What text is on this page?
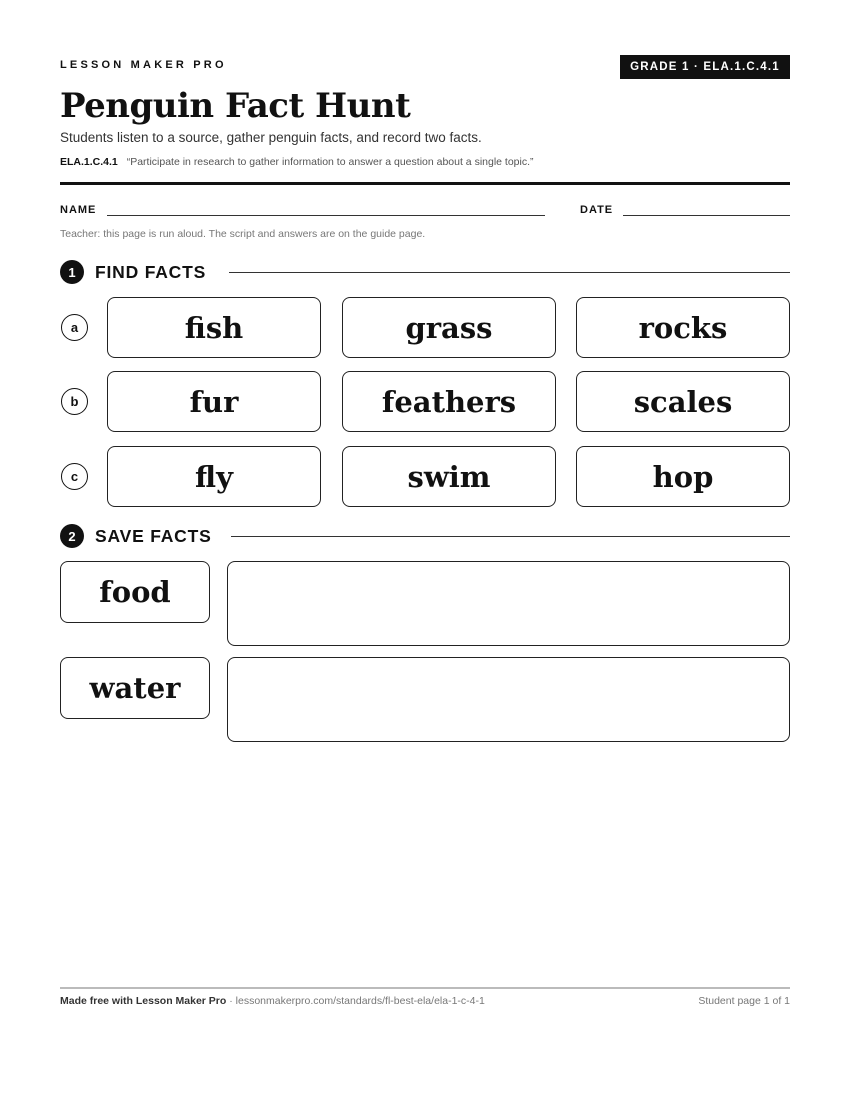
LESSON MAKER PRO	GRADE 1 · ELA.1.C.4.1
Penguin Fact Hunt
Students listen to a source, gather penguin facts, and record two facts.
ELA.1.C.4.1 “Participate in research to gather information to answer a question about a single topic.”
NAME	DATE
Teacher: this page is run aloud. The script and answers are on the guide page.
1	FIND FACTS
a	fish	grass	rocks
b	fur	feathers	scales
c	fly	swim	hop
2	SAVE FACTS
food
water
Made free with Lesson Maker Pro · lessonmakerpro.com/standards/fl-best-ela/ela-1-c-4-1	Student page 1 of 1
